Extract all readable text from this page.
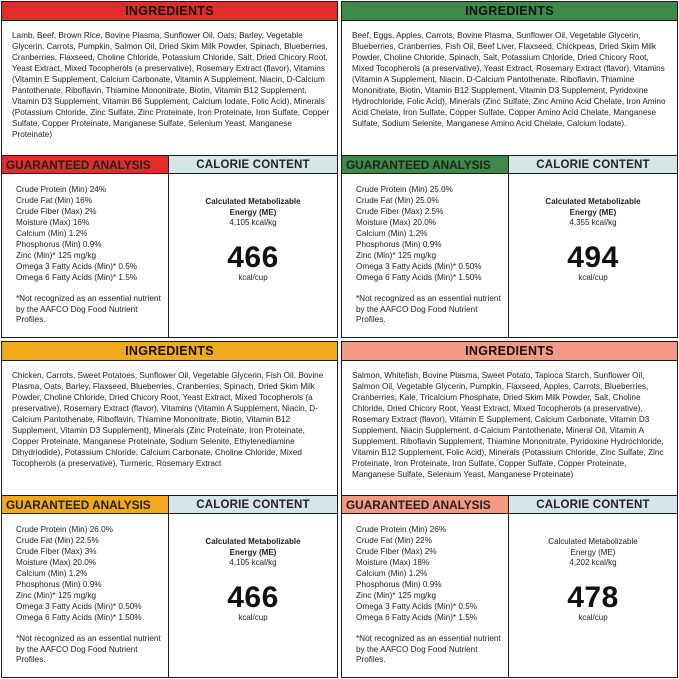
INGREDIENTS
Lamb, Beef, Brown Rice, Bovine Plasma, Sunflower Oil, Oats, Barley, Vegetable Glycerin, Carrots, Pumpkin, Salmon Oil, Dried Skim Milk Powder, Spinach, Blueberries, Cranberries, Flaxseed, Choline Chloride, Potassium Chloride, Salt, Dried Chicory Root, Yeast Extract, Mixed Tocopherols (a preservative), Rosemary Extract (flavor), Vitamins (Vitamin E Supplement, Calcium Carbonate, Vitamin A Supplement, Niacin, D-Calcium Pantothenate, Riboflavin, Thiamine Mononitrate, Biotin, Vitamin B12 Supplement, Vitamin D3 Supplement, Vitamin B6 Supplement, Calcium Iodate, Folic Acid), Minerals (Potassium Chloride, Zinc Sulfate, Zinc Proteinate, Iron Proteinate, Iron Sulfate, Copper Sulfate, Copper Proteinate, Manganese Sulfate, Selenium Yeast, Manganese Proteinate)
GUARANTEED ANALYSIS
Crude Protein (Min) 24%
Crude Fat (Min) 16%
Crude Fiber (Max) 2%
Moisture (Max) 16%
Calcium (Min) 1.2%
Phosphorus (Min) 0.9%
Zinc (Min)* 125 mg/kg
Omega 3 Fatty Acids (Min)* 0.5%
Omega 6 Fatty Acids (Min)* 1.5%
*Not recognized as an essential nutrient by the AAFCO Dog Food Nutrient Profiles.
CALORIE CONTENT
Calculated Metabolizable
Energy (ME)
4,105 kcal/kg
466
kcal/cup
INGREDIENTS
Beef, Eggs, Apples, Carrots, Bovine Plasma, Sunflower Oil, Vegetable Glycerin, Blueberries, Cranberries, Fish Oil, Beef Liver, Flaxseed, Chickpeas, Dried Skim Milk Powder, Choline Chloride, Spinach, Salt, Potassium Chloride, Dried Chicory Root, Mixed Tocopherols (a preservative), Yeast Extract, Rosemary Extract (flavor), Vitamins (Vitamin A Supplement, Niacin, D-Calcium Pantothenate, Riboflavin, Thiamine Mononitrate, Biotin, Vitamin B12 Supplement, Vitamin D3 Supplement, Pyridoxine Hydrochloride, Folic Acid), Minerals (Zinc Sulfate, Zinc Amino Acid Chelate, Iron Amino Acid Chelate, Iron Sulfate, Copper Sulfate, Copper Amino Acid Chelate, Manganese Sulfate, Sodium Selenite, Manganese Amino Acid Chelate, Calcium Iodate).
GUARANTEED ANALYSIS
Crude Protein (Min) 25.0%
Crude Fat (Min) 25.0%
Crude Fiber (Max) 2.5%
Moisture (Max) 20.0%
Calcium (Min) 1.2%
Phosphorus (Min) 0.9%
Zinc (Min)* 125 mg/kg
Omega 3 Fatty Acids (Min)* 0.50%
Omega 6 Fatty Acids (Min)* 1.50%
*Not recognized as an essential nutrient by the AAFCO Dog Food Nutrient Profiles.
CALORIE CONTENT
Calculated Metabolizable
Energy (ME)
4,355 kcal/kg
494
kcal/cup
INGREDIENTS
Chicken, Carrots, Sweet Potatoes, Sunflower Oil, Vegetable Glycerin, Fish Oil, Bovine Plasma, Oats, Barley, Flaxseed, Blueberries, Cranberries, Spinach, Dried Skim Milk Powder, Choline Chloride, Dried Chicory Root, Yeast Extract, Mixed Tocopherols (a preservative), Rosemary Extract (flavor), Vitamins (Vitamin A Supplement, Niacin, D-Calcium Pantothenate, Riboflavin, Thiamine Mononitrate, Biotin, Vitamin B12 Supplement, Vitamin D3 Supplement), Minerals (Zinc Proteinate, Iron Proteinate, Copper Proteinate, Manganese Proteinate, Sodium Selenite, Ethylenediamine Dihydriodide), Potassium Chloride, Calcium Carbonate, Choline Chloride, Mixed Tocopherols (a preservative), Turmeric, Rosemary Extract
GUARANTEED ANALYSIS
Crude Protein (Min) 26.0%
Crude Fat (Min) 22.5%
Crude Fiber (Max) 3%
Moisture (Max) 20.0%
Calcium (Min) 1.2%
Phosphorus (Min) 0.9%
Zinc (Min)* 125 mg/kg
Omega 3 Fatty Acids (Min)* 0.50%
Omega 6 Fatty Acids (Min)* 1.50%
*Not recognized as an essential nutrient by the AAFCO Dog Food Nutrient Profiles.
CALORIE CONTENT
Calculated Metabolizable
Energy (ME)
4,105 kcal/kg
466
kcal/cup
INGREDIENTS
Salmon, Whitefish, Bovine Plasma, Sweet Potato, Tapioca Starch, Sunflower Oil, Salmon Oil, Vegetable Glycerin, Pumpkin, Flaxseed, Apples, Carrots, Blueberries, Cranberries, Kale, Tricalcium Phosphate, Dried Skim Milk Powder, Salt, Choline Chloride, Dried Chicory Root, Yeast Extract, Mixed Tocopherols (a preservative), Rosemary Extract (flavor), Vitamin E Supplement, Calcium Carbonate, Vitamin D3 Supplement, Niacin Supplement, d-Calcium Pantothenate, Mineral Oil, Vitamin A Supplement, Riboflavin Supplement, Thiamine Mononitrate, Pyridoxine Hydrochloride, Vitamin B12 Supplement, Folic Acid), Minerals (Potassium Chloride, Zinc Sulfate, Zinc Proteinate, Iron Proteinate, Iron Sulfate, Copper Sulfate, Copper Proteinate, Manganese Sulfate, Selenium Yeast, Manganese Proteinate)
GUARANTEED ANALYSIS
Crude Protein (Min) 26%
Crude Fat (Min) 22%
Crude Fiber (Max) 2%
Moisture (Max) 18%
Calcium (Min) 1.2%
Phosphorus (Min) 0.9%
Zinc (Min)* 125 mg/kg
Omega 3 Fatty Acids (Min)* 0.5%
Omega 6 Fatty Acids (Min)* 1.5%
*Not recognized as an essential nutrient by the AAFCO Dog Food Nutrient Profiles.
CALORIE CONTENT
Calculated Metabolizable
Energy (ME)
4,202 kcal/kg
478
kcal/cup
